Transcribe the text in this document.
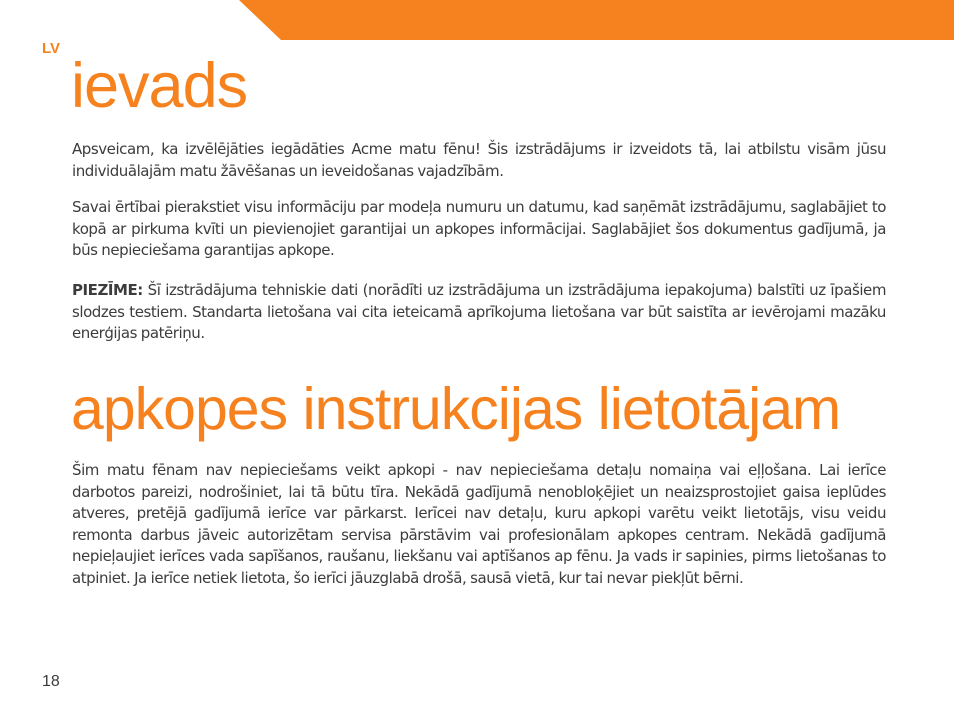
LV
ievads

Apsveicam, ka izvēlējāties iegādāties Acme matu fēnu! Šis izstrādājums ir izveidots tā, lai atbilstu visām jūsu individuālajām matu žāvēšanas un ieveidošanas vajadzībām.

Savai ērtībai pierakstiet visu informāciju par modeļa numuru un datumu, kad saņēmāt izstrādājumu, saglabājiet to kopā ar pirkuma kvīti un pievienojiet garantijai un apkopes informācijai. Saglabājiet šos dokumentus gadījumā, ja būs nepieciešama garantijas apkope.

PIEZĪME: Šī izstrādājuma tehniskie dati (norādīti uz izstrādājuma un izstrādājuma iepakojuma) balstīti uz īpašiem slodzes testiem. Standarta lietošana vai cita ieteicamā aprīkojuma lietošana var būt saistīta ar ievērojami mazāku enerģijas patēriņu.

apkopes instrukcijas lietotājam

Šim matu fēnam nav nepieciešams veikt apkopi - nav nepieciešama detaļu nomaiņa vai eļļošana. Lai ierīce darbotos pareizi, nodrošiniet, lai tā būtu tīra. Nekādā gadījumā nenobloķējiet un neaizsprostojiet gaisa ieplūdes atveres, pretējā gadījumā ierīce var pārkarst. Ierīcei nav detaļu, kuru apkopi varētu veikt lietotājs, visu veidu remonta darbus jāveic autorizētam servisa pārstāvim vai profesionālam apkopes centram. Nekādā gadījumā nepieļaujiet ierīces vada sapīšanos, raušanu, liekšanu vai aptīšanos ap fēnu. Ja vads ir sapinies, pirms lietošanas to atpiniet. Ja ierīce netiek lietota, šo ierīci jāuzglabā drošā, sausā vietā, kur tai nevar piekļūt bērni.

18
